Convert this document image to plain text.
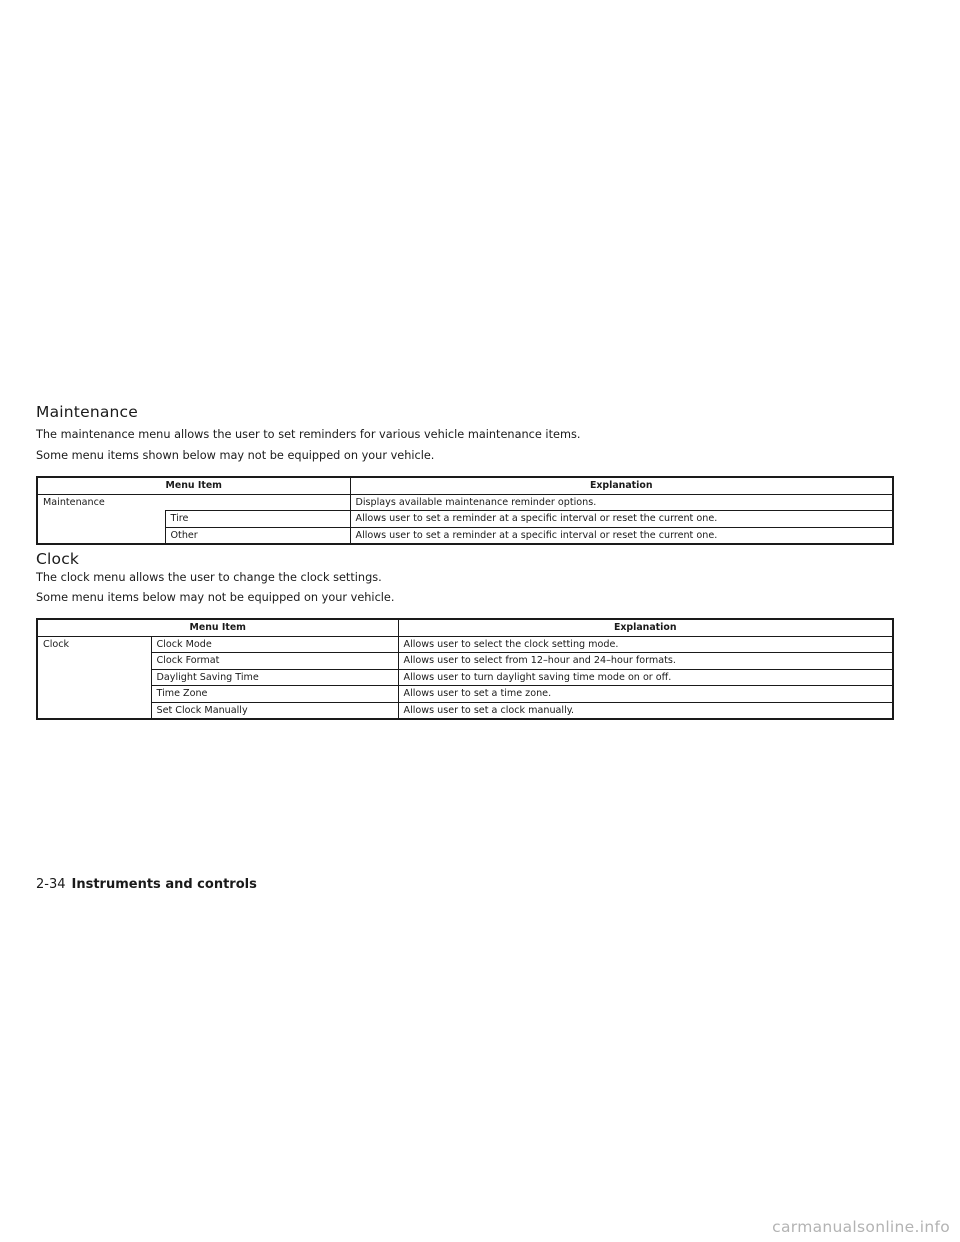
Maintenance

The maintenance menu allows the user to set reminders for various vehicle maintenance items.

Some menu items shown below may not be equipped on your vehicle.

Menu Item		Explanation
Maintenance		Displays available maintenance reminder options.
	Tire	Allows user to set a reminder at a specific interval or reset the current one.
	Other	Allows user to set a reminder at a specific interval or reset the current one.
Clock

The clock menu allows the user to change the clock settings.

Some menu items below may not be equipped on your vehicle.

Menu Item		Explanation
Clock	Clock Mode	Allows user to select the clock setting mode.
	Clock Format	Allows user to select from 12–hour and 24–hour formats.
	Daylight Saving Time	Allows user to turn daylight saving time mode on or off.
	Time Zone	Allows user to set a time zone.
	Set Clock Manually	Allows user to set a clock manually.
2-34 Instruments and controls
carmanualsonline.info
